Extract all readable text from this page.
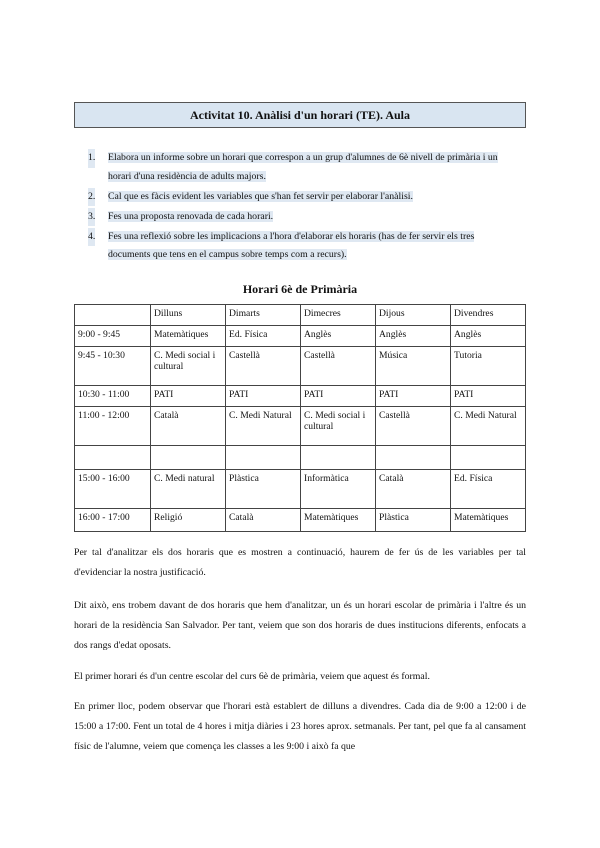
Activitat 10. Anàlisi d'un horari (TE). Aula
1. Elabora un informe sobre un horari que correspon a un grup d'alumnes de 6è nivell de primària i un horari d'una residència de adults majors.
2. Cal que es fàcis evident les variables que s'han fet servir per elaborar l'anàlisi.
3. Fes una proposta renovada de cada horari.
4. Fes una reflexió sobre les implicacions a l'hora d'elaborar els horaris (has de fer servir els tres documents que tens en el campus sobre temps com a recurs).
Horari 6è de Primària
	Dilluns	Dimarts	Dimecres	Dijous	Divendres
9:00 - 9:45	Matemàtiques	Ed. Física	Anglès	Anglès	Anglès
9:45 - 10:30	C. Medi social i cultural	Castellà	Castellà	Música	Tutoria
10:30 - 11:00	PATI	PATI	PATI	PATI	PATI
11:00 - 12:00	Català	C. Medi Natural	C. Medi social i cultural	Castellà	C. Medi Natural

15:00 - 16:00	C. Medi natural	Plàstica	Informàtica	Català	Ed. Física
16:00 - 17:00	Religió	Català	Matemàtiques	Plàstica	Matemàtiques

Per tal d'analitzar els dos horaris que es mostren a continuació, haurem de fer ús de les variables per tal d'evidenciar la nostra justificació.

Dit això, ens trobem davant de dos horaris que hem d'analitzar, un és un horari escolar de primària i l'altre és un horari de la residència San Salvador. Per tant, veiem que son dos horaris de dues institucions diferents, enfocats a dos rangs d'edat oposats.

El primer horari és d'un centre escolar del curs 6è de primària, veiem que aquest és formal.

En primer lloc, podem observar que l'horari està establert de dilluns a divendres. Cada dia de 9:00 a 12:00 i de 15:00 a 17:00. Fent un total de 4 hores i mitja diàries i 23 hores aprox. setmanals. Per tant, pel que fa al cansament físic de l'alumne, veiem que comença les classes a les 9:00 i això fa que
